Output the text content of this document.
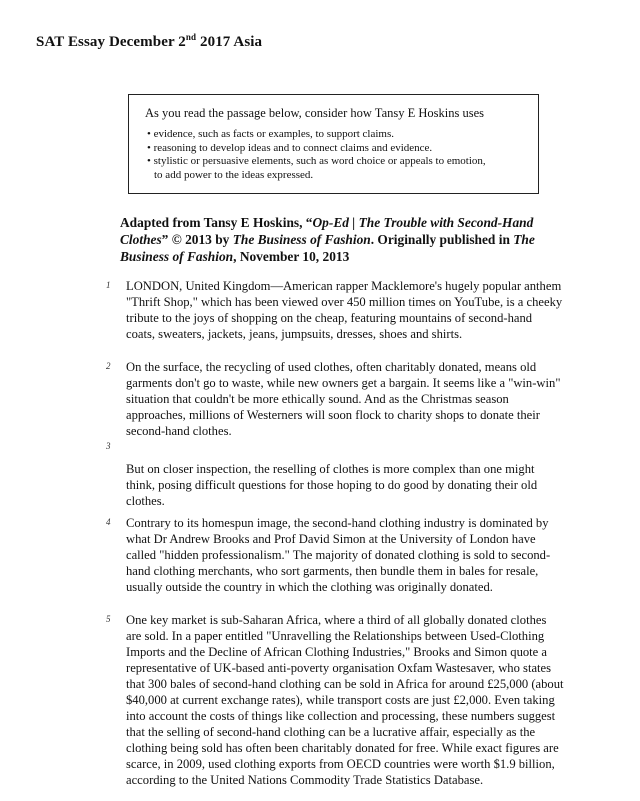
SAT Essay December 2nd 2017 Asia
As you read the passage below, consider how Tansy E Hoskins uses
• evidence, such as facts or examples, to support claims.
• reasoning to develop ideas and to connect claims and evidence.
• stylistic or persuasive elements, such as word choice or appeals to emotion,
to add power to the ideas expressed.
Adapted from Tansy E Hoskins, “Op-Ed | The Trouble with Second-Hand Clothes” © 2013 by The Business of Fashion. Originally published in The Business of Fashion, November 10, 2013
1 LONDON, United Kingdom—American rapper Macklemore's hugely popular anthem "Thrift Shop," which has been viewed over 450 million times on YouTube, is a cheeky tribute to the joys of shopping on the cheap, featuring mountains of second-hand coats, sweaters, jackets, jeans, jumpsuits, dresses, shoes and shirts.
2 On the surface, the recycling of used clothes, often charitably donated, means old garments don't go to waste, while new owners get a bargain. It seems like a "win-win" situation that couldn't be more ethically sound. And as the Christmas season approaches, millions of Westerners will soon flock to charity shops to donate their second-hand clothes.
3
But on closer inspection, the reselling of clothes is more complex than one might think, posing difficult questions for those hoping to do good by donating their old clothes.
4 Contrary to its homespun image, the second-hand clothing industry is dominated by what Dr Andrew Brooks and Prof David Simon at the University of London have called "hidden professionalism." The majority of donated clothing is sold to second-hand clothing merchants, who sort garments, then bundle them in bales for resale, usually outside the country in which the clothing was originally donated.
5 One key market is sub-Saharan Africa, where a third of all globally donated clothes are sold. In a paper entitled "Unravelling the Relationships between Used-Clothing Imports and the Decline of African Clothing Industries," Brooks and Simon quote a representative of UK-based anti-poverty organisation Oxfam Wastesaver, who states that 300 bales of second-hand clothing can be sold in Africa for around £25,000 (about $40,000 at current exchange rates), while transport costs are just £2,000. Even taking into account the costs of things like collection and processing, these numbers suggest that the selling of second-hand clothing can be a lucrative affair, especially as the clothing being sold has often been charitably donated for free. While exact figures are scarce, in 2009, used clothing exports from OECD countries were worth $1.9 billion, according to the United Nations Commodity Trade Statistics Database.
